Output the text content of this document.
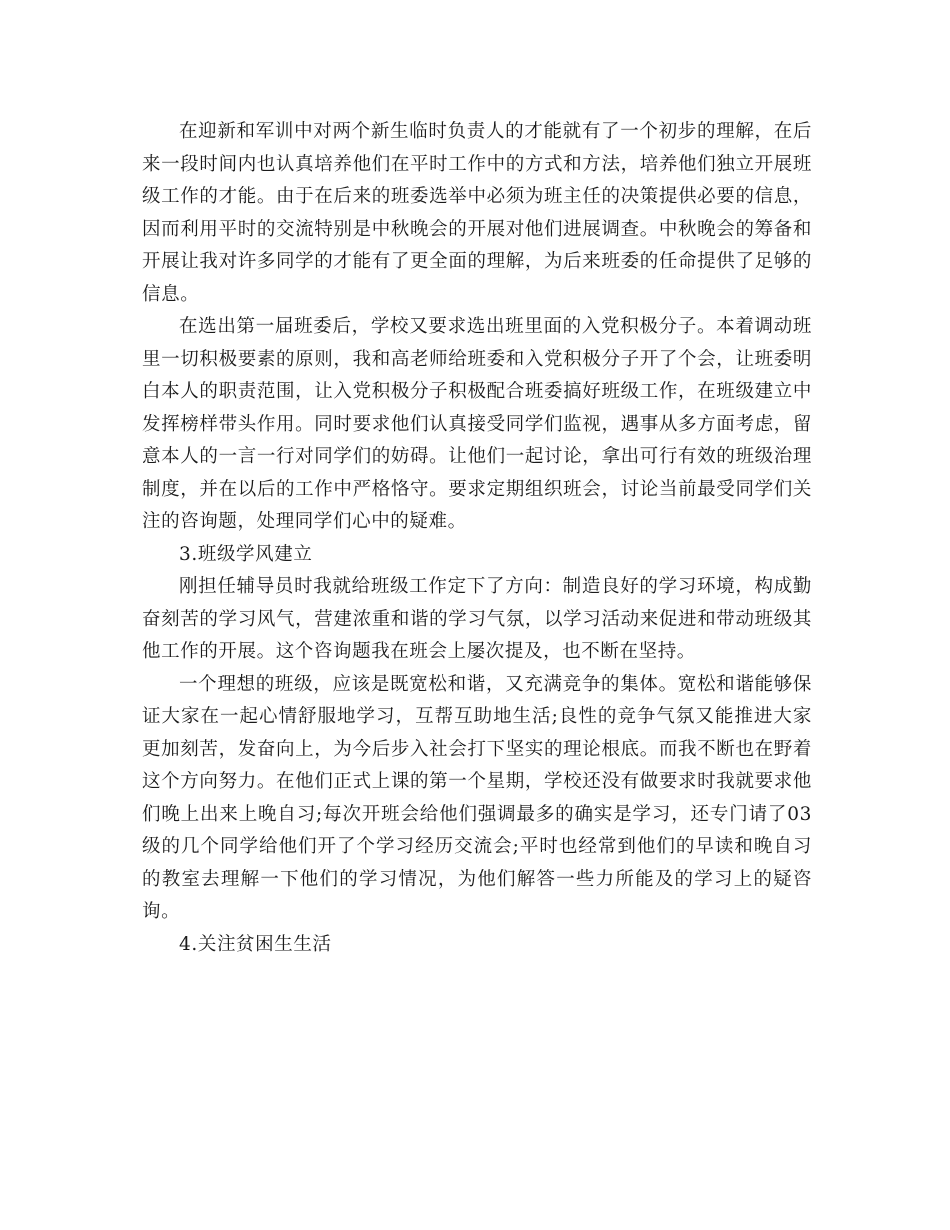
在迎新和军训中对两个新生临时负责人的才能就有了一个初步的理解，在后来一段时间内也认真培养他们在平时工作中的方式和方法，培养他们独立开展班级工作的才能。由于在后来的班委选举中必须为班主任的决策提供必要的信息，因而利用平时的交流特别是中秋晚会的开展对他们进展调查。中秋晚会的筹备和开展让我对许多同学的才能有了更全面的理解，为后来班委的任命提供了足够的信息。

在选出第一届班委后，学校又要求选出班里面的入党积极分子。本着调动班里一切积极要素的原则，我和高老师给班委和入党积极分子开了个会，让班委明白本人的职责范围，让入党积极分子积极配合班委搞好班级工作，在班级建立中发挥榜样带头作用。同时要求他们认真接受同学们监视，遇事从多方面考虑，留意本人的一言一行对同学们的妨碍。让他们一起讨论，拿出可行有效的班级治理制度，并在以后的工作中严格恪守。要求定期组织班会，讨论当前最受同学们关注的咨询题，处理同学们心中的疑难。

3.班级学风建立

刚担任辅导员时我就给班级工作定下了方向：制造良好的学习环境，构成勤奋刻苦的学习风气，营建浓重和谐的学习气氛，以学习活动来促进和带动班级其他工作的开展。这个咨询题我在班会上屡次提及，也不断在坚持。

一个理想的班级，应该是既宽松和谐，又充满竞争的集体。宽松和谐能够保证大家在一起心情舒服地学习，互帮互助地生活;良性的竞争气氛又能推进大家更加刻苦，发奋向上，为今后步入社会打下坚实的理论根底。而我不断也在野着这个方向努力。在他们正式上课的第一个星期，学校还没有做要求时我就要求他们晚上出来上晚自习;每次开班会给他们强调最多的确实是学习，还专门请了03级的几个同学给他们开了个学习经历交流会;平时也经常到他们的早读和晚自习的教室去理解一下他们的学习情况，为他们解答一些力所能及的学习上的疑咨询。

4.关注贫困生生活
